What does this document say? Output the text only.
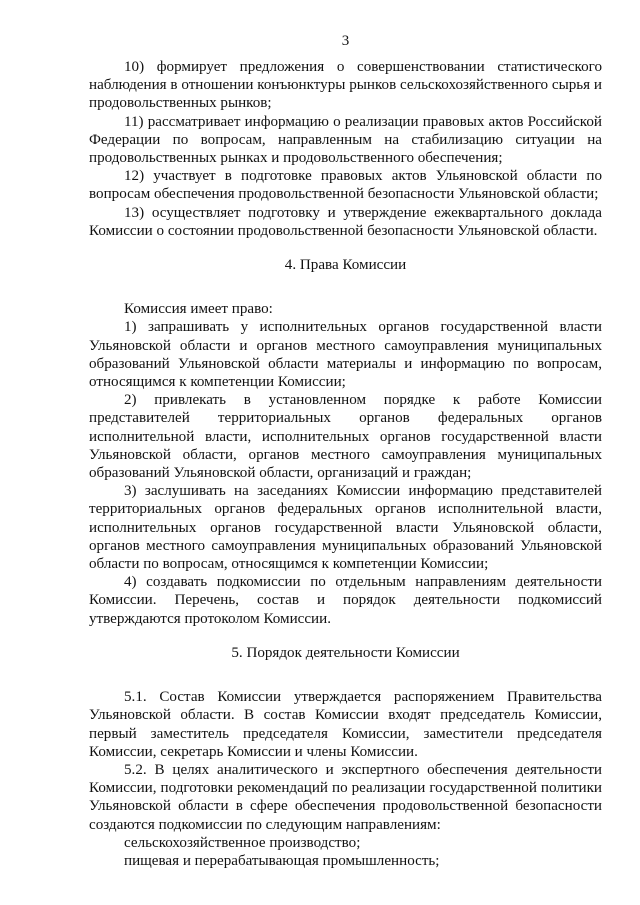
3

10) формирует предложения о совершенствовании статистического наблюдения в отношении конъюнктуры рынков сельскохозяйственного сырья и продовольственных рынков;

11) рассматривает информацию о реализации правовых актов Российской Федерации по вопросам, направленным на стабилизацию ситуации на продовольственных рынках и продовольственного обеспечения;

12) участвует в подготовке правовых актов Ульяновской области по вопросам обеспечения продовольственной безопасности Ульяновской области;

13) осуществляет подготовку и утверждение ежеквартального доклада Комиссии о состоянии продовольственной безопасности Ульяновской области.

4. Права Комиссии

Комиссия имеет право:

1) запрашивать у исполнительных органов государственной власти Ульяновской области и органов местного самоуправления муниципальных образований Ульяновской области материалы и информацию по вопросам, относящимся к компетенции Комиссии;

2) привлекать в установленном порядке к работе Комиссии представителей территориальных органов федеральных органов исполнительной власти, исполнительных органов государственной власти Ульяновской области, органов местного самоуправления муниципальных образований Ульяновской области, организаций и граждан;

3) заслушивать на заседаниях Комиссии информацию представителей территориальных органов федеральных органов исполнительной власти, исполнительных органов государственной власти Ульяновской области, органов местного самоуправления муниципальных образований Ульяновской области по вопросам, относящимся к компетенции Комиссии;

4) создавать подкомиссии по отдельным направлениям деятельности Комиссии. Перечень, состав и порядок деятельности подкомиссий утверждаются протоколом Комиссии.

5. Порядок деятельности Комиссии

5.1. Состав Комиссии утверждается распоряжением Правительства Ульяновской области. В состав Комиссии входят председатель Комиссии, первый заместитель председателя Комиссии, заместители председателя Комиссии, секретарь Комиссии и члены Комиссии.

5.2. В целях аналитического и экспертного обеспечения деятельности Комиссии, подготовки рекомендаций по реализации государственной политики Ульяновской области в сфере обеспечения продовольственной безопасности создаются подкомиссии по следующим направлениям:

сельскохозяйственное производство;

пищевая и перерабатывающая промышленность;
